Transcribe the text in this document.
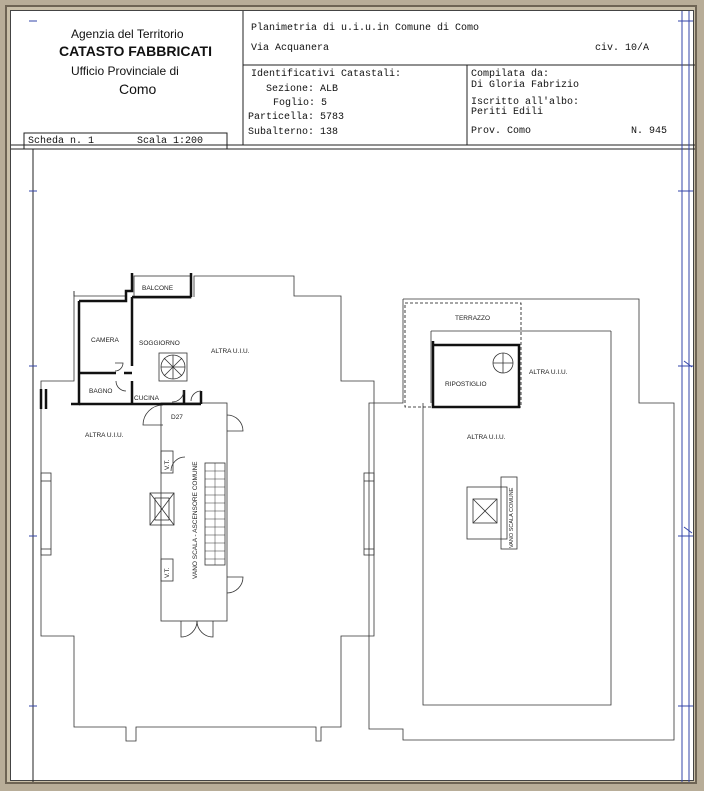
BALCONE
CAMERA	SOGGIORNO
BAGNO
CUCINA
D27
ALTRA U.I.U.
ALTRA U.I.U.
V.T.
V.T.	VANO SCALA - ASCENSORE COMUNE
TERRAZZO
RIPOSTIGLIO
ALTRA U.I.U.
ALTRA U.I.U.
VANO SCALA COMUNE
Agenzia del Territorio
CATASTO FABBRICATI
Ufficio Provinciale di
Como
Planimetria di u.i.u.in Comune di Como
Via Acquanera	civ. 10/A
Identificativi Catastali:
Sezione: ALB
Foglio: 5
Particella: 5783
Subalterno: 138
Compilata da:
Di Gloria Fabrizio
Iscritto all'albo:
Periti Edili
Prov. Como	N. 945
Scheda n. 1	Scala 1:200
